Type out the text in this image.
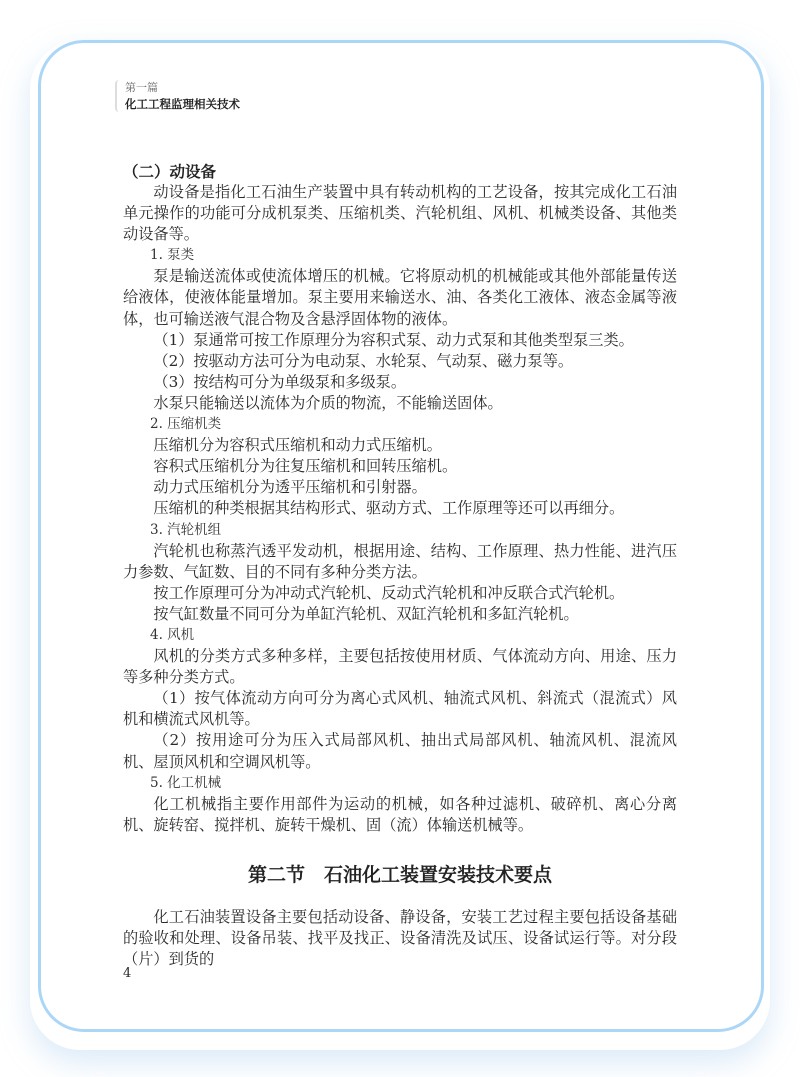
第一篇
化工工程监理相关技术
（二）动设备

动设备是指化工石油生产装置中具有转动机构的工艺设备，按其完成化工石油单元操作的功能可分成机泵类、压缩机类、汽轮机组、风机、机械类设备、其他类动设备等。

1. 泵类

泵是输送流体或使流体增压的机械。它将原动机的机械能或其他外部能量传送给液体，使液体能量增加。泵主要用来输送水、油、各类化工液体、液态金属等液体，也可输送液气混合物及含悬浮固体物的液体。

（1）泵通常可按工作原理分为容积式泵、动力式泵和其他类型泵三类。

（2）按驱动方法可分为电动泵、水轮泵、气动泵、磁力泵等。

（3）按结构可分为单级泵和多级泵。

水泵只能输送以流体为介质的物流，不能输送固体。

2. 压缩机类

压缩机分为容积式压缩机和动力式压缩机。

容积式压缩机分为往复压缩机和回转压缩机。

动力式压缩机分为透平压缩机和引射器。

压缩机的种类根据其结构形式、驱动方式、工作原理等还可以再细分。

3. 汽轮机组

汽轮机也称蒸汽透平发动机，根据用途、结构、工作原理、热力性能、进汽压力参数、气缸数、目的不同有多种分类方法。

按工作原理可分为冲动式汽轮机、反动式汽轮机和冲反联合式汽轮机。

按气缸数量不同可分为单缸汽轮机、双缸汽轮机和多缸汽轮机。

4. 风机

风机的分类方式多种多样，主要包括按使用材质、气体流动方向、用途、压力等多种分类方式。

（1）按气体流动方向可分为离心式风机、轴流式风机、斜流式（混流式）风机和横流式风机等。

（2）按用途可分为压入式局部风机、抽出式局部风机、轴流风机、混流风机、屋顶风机和空调风机等。

5. 化工机械

化工机械指主要作用部件为运动的机械，如各种过滤机、破碎机、离心分离机、旋转窑、搅拌机、旋转干燥机、固（流）体输送机械等。

第二节　石油化工装置安装技术要点

化工石油装置设备主要包括动设备、静设备，安装工艺过程主要包括设备基础的验收和处理、设备吊装、找平及找正、设备清洗及试压、设备试运行等。对分段（片）到货的

4
